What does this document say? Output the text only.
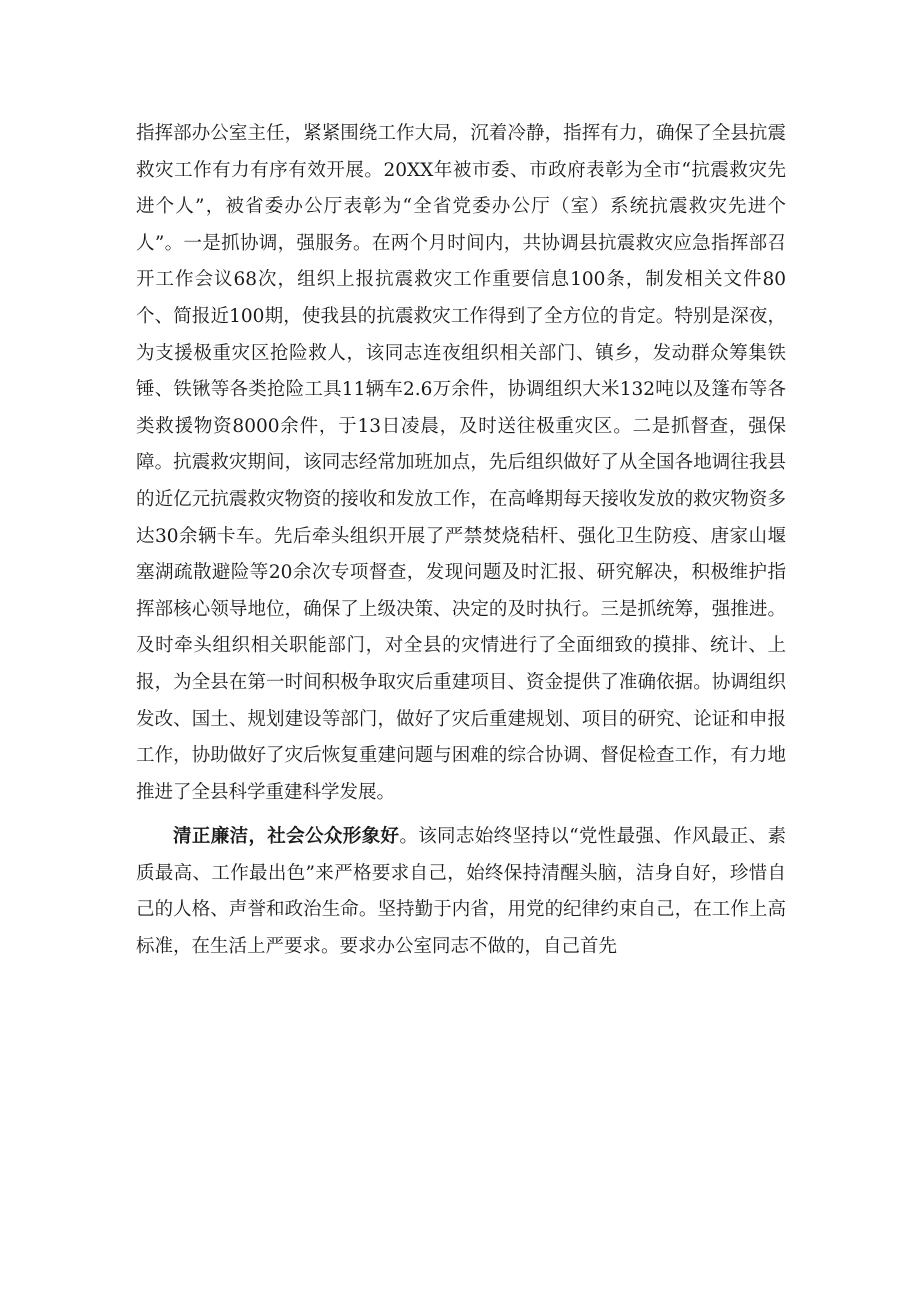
指挥部办公室主任，紧紧围绕工作大局，沉着冷静，指挥有力，确保了全县抗震救灾工作有力有序有效开展。20XX年被市委、市政府表彰为全市“抗震救灾先进个人”，被省委办公厅表彰为“全省党委办公厅（室）系统抗震救灾先进个人”。一是抓协调，强服务。在两个月时间内，共协调县抗震救灾应急指挥部召开工作会议68次，组织上报抗震救灾工作重要信息100条，制发相关文件80个、简报近100期，使我县的抗震救灾工作得到了全方位的肯定。特别是深夜，为支援极重灾区抢险救人，该同志连夜组织相关部门、镇乡，发动群众筹集铁锤、铁锹等各类抢险工具11辆车2.6万余件，协调组织大米132吨以及篷布等各类救援物资8000余件，于13日凌晨，及时送往极重灾区。二是抓督查，强保障。抗震救灾期间，该同志经常加班加点，先后组织做好了从全国各地调往我县的近亿元抗震救灾物资的接收和发放工作，在高峰期每天接收发放的救灾物资多达30余辆卡车。先后牵头组织开展了严禁焚烧秸杆、强化卫生防疫、唐家山堰塞湖疏散避险等20余次专项督查，发现问题及时汇报、研究解决，积极维护指挥部核心领导地位，确保了上级决策、决定的及时执行。三是抓统筹，强推进。及时牵头组织相关职能部门，对全县的灾情进行了全面细致的摸排、统计、上报，为全县在第一时间积极争取灾后重建项目、资金提供了准确依据。协调组织发改、国土、规划建设等部门，做好了灾后重建规划、项目的研究、论证和申报工作，协助做好了灾后恢复重建问题与困难的综合协调、督促检查工作，有力地推进了全县科学重建科学发展。

清正廉洁，社会公众形象好。该同志始终坚持以“党性最强、作风最正、素质最高、工作最出色”来严格要求自己，始终保持清醒头脑，洁身自好，珍惜自己的人格、声誉和政治生命。坚持勤于内省，用党的纪律约束自己，在工作上高标准，在生活上严要求。要求办公室同志不做的，自己首先
